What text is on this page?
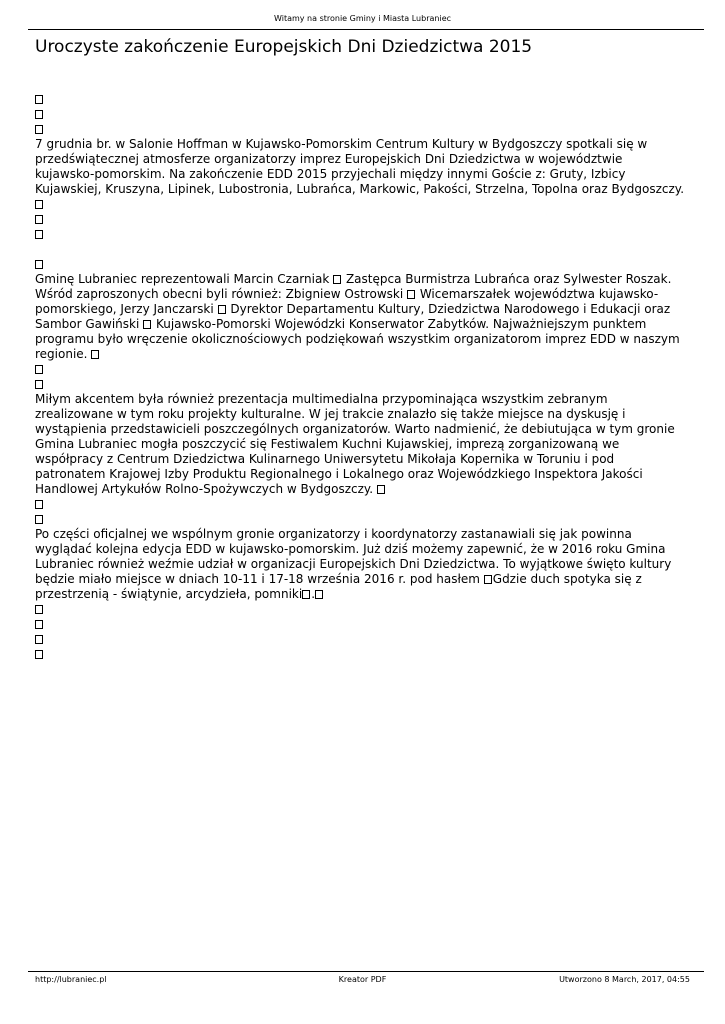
Witamy na stronie Gminy i Miasta Lubraniec
Uroczyste zakończenie Europejskich Dni Dziedzictwa 2015
7 grudnia br. w Salonie Hoffman w Kujawsko-Pomorskim Centrum Kultury w Bydgoszczy spotkali się w przedświątecznej atmosferze organizatorzy imprez Europejskich Dni Dziedzictwa w województwie kujawsko-pomorskim. Na zakończenie EDD 2015 przyjechali między innymi Goście z: Gruty, Izbicy Kujawskiej, Kruszyna, Lipinek, Lubostronia, Lubrańca, Markowic, Pakości, Strzelna, Topolna oraz Bydgoszczy.
Gminę Lubraniec reprezentowali Marcin Czarniak Zastępca Burmistrza Lubrańca oraz Sylwester Roszak. Wśród zaproszonych obecni byli również: Zbigniew Ostrowski Wicemarszałek województwa kujawsko-pomorskiego, Jerzy Janczarski Dyrektor Departamentu Kultury, Dziedzictwa Narodowego i Edukacji oraz Sambor Gawiński Kujawsko-Pomorski Wojewódzki Konserwator Zabytków. Najważniejszym punktem programu było wręczenie okolicznościowych podziękowań wszystkim organizatorom imprez EDD w naszym regionie.
Miłym akcentem była również prezentacja multimedialna przypominająca wszystkim zebranym zrealizowane w tym roku projekty kulturalne. W jej trakcie znalazło się także miejsce na dyskusję i wystąpienia przedstawicieli poszczególnych organizatorów. Warto nadmienić, że debiutująca w tym gronie Gmina Lubraniec mogła poszczycić się Festiwalem Kuchni Kujawskiej, imprezą zorganizowaną we współpracy z Centrum Dziedzictwa Kulinarnego Uniwersytetu Mikołaja Kopernika w Toruniu i pod patronatem Krajowej Izby Produktu Regionalnego i Lokalnego oraz Wojewódzkiego Inspektora Jakości Handlowej Artykułów Rolno-Spożywczych w Bydgoszczy.
Po części oficjalnej we wspólnym gronie organizatorzy i koordynatorzy zastanawiali się jak powinna wyglądać kolejna edycja EDD w kujawsko-pomorskim. Już dziś możemy zapewnić, że w 2016 roku Gmina Lubraniec również weźmie udział w organizacji Europejskich Dni Dziedzictwa. To wyjątkowe święto kultury będzie miało miejsce w dniach 10-11 i 17-18 września 2016 r. pod hasłem Gdzie duch spotyka się z przestrzenią - świątynie, arcydzieła, pomniki .
Kreator PDF
http://lubraniec.pl	Utworzono 8 March, 2017, 04:55
